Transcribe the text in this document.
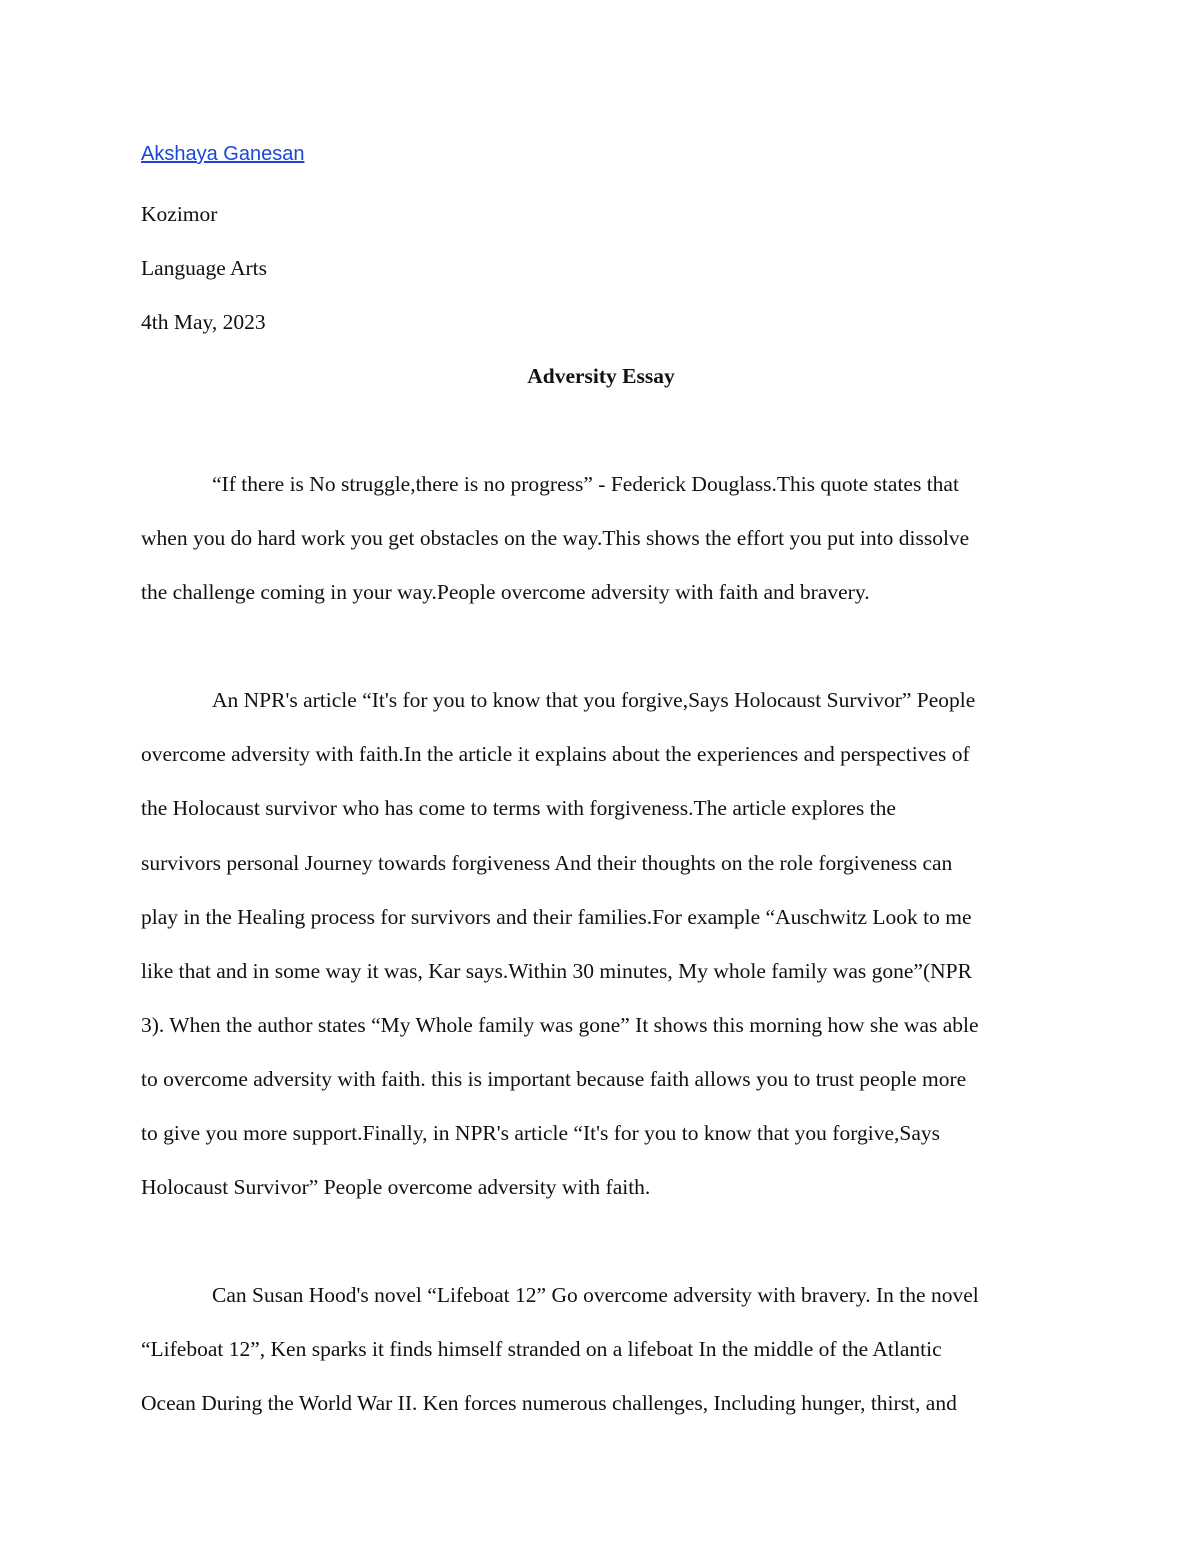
Akshaya Ganesan
Kozimor
Language Arts
4th May, 2023
Adversity Essay
“If there is No struggle,there is no progress” - Federick Douglass.This quote states that
when you do hard work you get obstacles on the way.This shows the effort you put into dissolve
the challenge coming in your way.People overcome adversity with faith and bravery.
An NPR's article “It's for you to know that you forgive,Says Holocaust Survivor” People
overcome adversity with faith.In the article it explains about the experiences and perspectives of
the Holocaust survivor who has come to terms with forgiveness.The article explores the
survivors personal Journey towards forgiveness And their thoughts on the role forgiveness can
play in the Healing process for survivors and their families.For example “Auschwitz Look to me
like that and in some way it was, Kar says.Within 30 minutes, My whole family was gone”(NPR
3). When the author states “My Whole family was gone” It shows this morning how she was able
to overcome adversity with faith. this is important because faith allows you to trust people more
to give you more support.Finally, in NPR's article “It's for you to know that you forgive,Says
Holocaust Survivor” People overcome adversity with faith.
Can Susan Hood's novel “Lifeboat 12” Go overcome adversity with bravery. In the novel
“Lifeboat 12”, Ken sparks it finds himself stranded on a lifeboat In the middle of the Atlantic
Ocean During the World War II. Ken forces numerous challenges, Including hunger, thirst, and
